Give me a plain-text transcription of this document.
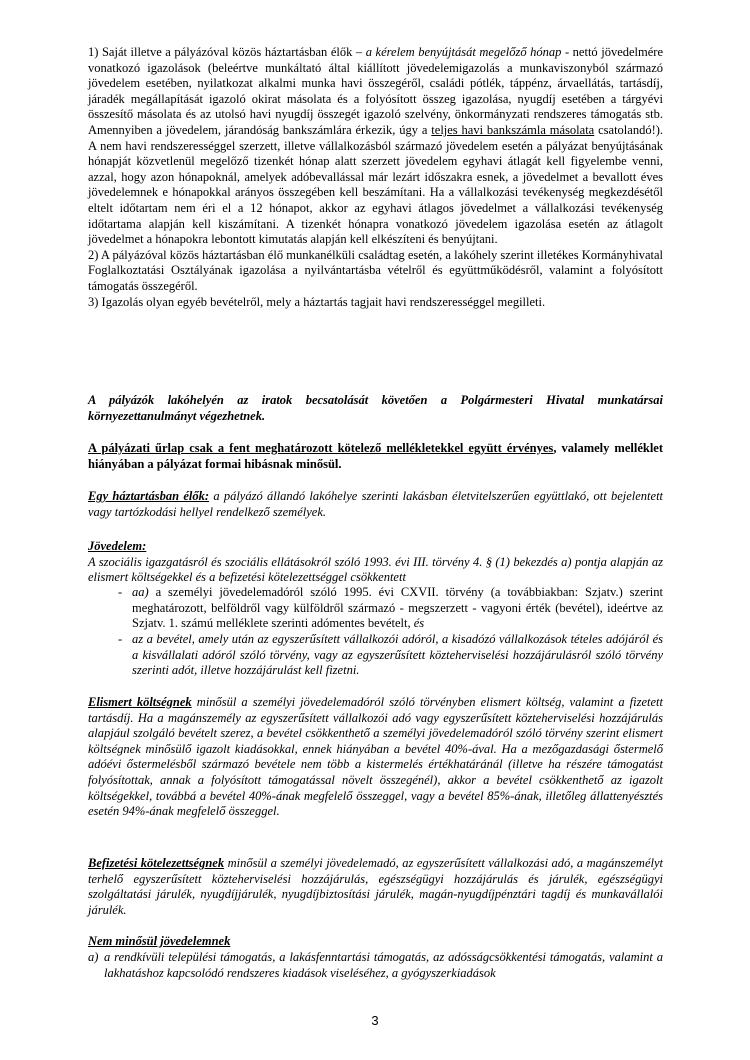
1) Saját illetve a pályázóval közös háztartásban élők – a kérelem benyújtását megelőző hónap - nettó jövedelmére vonatkozó igazolások (beleértve munkáltató által kiállított jövedelemigazolás a munkaviszonyból származó jövedelem esetében, nyilatkozat alkalmi munka havi összegéről, családi pótlék, táppénz, árvaellátás, tartásdíj, járadék megállapítását igazoló okirat másolata és a folyósított összeg igazolása, nyugdíj esetében a tárgyévi összesítő másolata és az utolsó havi nyugdíj összegét igazoló szelvény, önkormányzati rendszeres támogatás stb. Amennyiben a jövedelem, járandóság bankszámlára érkezik, úgy a teljes havi bankszámla másolata csatolandó!). A nem havi rendszerességgel szerzett, illetve vállalkozásból származó jövedelem esetén a pályázat benyújtásának hónapját közvetlenül megelőző tizenkét hónap alatt szerzett jövedelem egyhavi átlagát kell figyelembe venni, azzal, hogy azon hónapoknál, amelyek adóbevallással már lezárt időszakra esnek, a jövedelmet a bevallott éves jövedelemnek e hónapokkal arányos összegében kell beszámítani. Ha a vállalkozási tevékenység megkezdésétől eltelt időtartam nem éri el a 12 hónapot, akkor az egyhavi átlagos jövedelmet a vállalkozási tevékenység időtartama alapján kell kiszámítani. A tizenkét hónapra vonatkozó jövedelem igazolása esetén az átlagolt jövedelmet a hónapokra lebontott kimutatás alapján kell elkészíteni és benyújtani.

2) A pályázóval közös háztartásban élő munkanélküli családtag esetén, a lakóhely szerint illetékes Kormányhivatal Foglalkoztatási Osztályának igazolása a nyilvántartásba vételről és együttműködésről, valamint a folyósított támogatás összegéről.

3) Igazolás olyan egyéb bevételről, mely a háztartás tagjait havi rendszerességgel megilleti.

A pályázók lakóhelyén az iratok becsatolását követően a Polgármesteri Hivatal munkatársai környezettanulmányt végezhetnek.
A pályázati űrlap csak a fent meghatározott kötelező mellékletekkel együtt érvényes, valamely melléklet hiányában a pályázat formai hibásnak minősül.
Egy háztartásban élők: a pályázó állandó lakóhelye szerinti lakásban életvitelszerűen együttlakó, ott bejelentett vagy tartózkodási hellyel rendelkező személyek.

Jövedelem:

A szociális igazgatásról és szociális ellátásokról szóló 1993. évi III. törvény 4. § (1) bekezdés a) pontja alapján az elismert költségekkel és a befizetési kötelezettséggel csökkentett

- aa) a személyi jövedelemadóról szóló 1995. évi CXVII. törvény (a továbbiakban: Szjatv.) szerint meghatározott, belföldről vagy külföldről származó - megszerzett - vagyoni érték (bevétel), ideértve az Szjatv. 1. számú melléklete szerinti adómentes bevételt, és

- az a bevétel, amely után az egyszerűsített vállalkozói adóról, a kisadózó vállalkozások tételes adójáról és a kisvállalati adóról szóló törvény, vagy az egyszerűsített közteherviselési hozzájárulásról szóló törvény szerinti adót, illetve hozzájárulást kell fizetni.

Elismert költségnek minősül a személyi jövedelemadóról szóló törvényben elismert költség, valamint a fizetett tartásdíj. Ha a magánszemély az egyszerűsített vállalkozói adó vagy egyszerűsített közteherviselési hozzájárulás alapjául szolgáló bevételt szerez, a bevétel csökkenthető a személyi jövedelemadóról szóló törvény szerint elismert költségnek minősülő igazolt kiadásokkal, ennek hiányában a bevétel 40%-ával. Ha a mezőgazdasági őstermelő adóévi őstermelésből származó bevétele nem több a kistermelés értékhatáránál (illetve ha részére támogatást folyósítottak, annak a folyósított támogatással növelt összegénél), akkor a bevétel csökkenthető az igazolt költségekkel, továbbá a bevétel 40%-ának megfelelő összeggel, vagy a bevétel 85%-ának, illetőleg állattenyésztés esetén 94%-ának megfelelő összeggel.
Befizetési kötelezettségnek minősül a személyi jövedelemadó, az egyszerűsített vállalkozási adó, a magánszemélyt terhelő egyszerűsített közteherviselési hozzájárulás, egészségügyi hozzájárulás és járulék, egészségügyi szolgáltatási járulék, nyugdíjjárulék, nyugdíjbiztosítási járulék, magán-nyugdíjpénztári tagdíj és munkavállalói járulék.
Nem minősül jövedelemnek
a) a rendkívüli települési támogatás, a lakásfenntartási támogatás, az adósságcsökkentési támogatás, valamint a lakhatáshoz kapcsolódó rendszeres kiadások viseléséhez, a gyógyszerkiadások

3
